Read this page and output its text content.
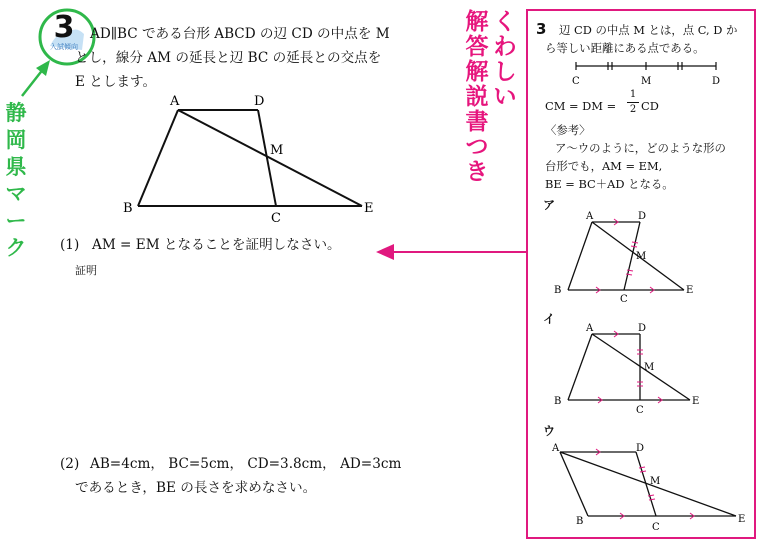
3
入試傾向
静岡県マーク
AD∥BC である台形 ABCD の辺 CD の中点を M
とし，線分 AM の延長と辺 BC の延長との交点を
E とします。
A	D
M
B
C
E
(1) AM = EM となることを証明しなさい。
証明
(2) AB=4cm， BC=5cm， CD=3.8cm， AD=3cm
であるとき，BE の長さを求めなさい。
くわしい
解答解説書つき
3 辺 CD の中点 M とは，点 C, D か
ら等しい距離にある点である。
C	M	D
CM = DM =
1
2 CD
〈参考〉
ア～ウのように，どのような形の
台形でも，AM = EM,
BE = BC＋AD となる。
ア
A	D
M
B
C
E
イ
A	D
M
B
C
E
ウ
A	D
M
B
C
E
